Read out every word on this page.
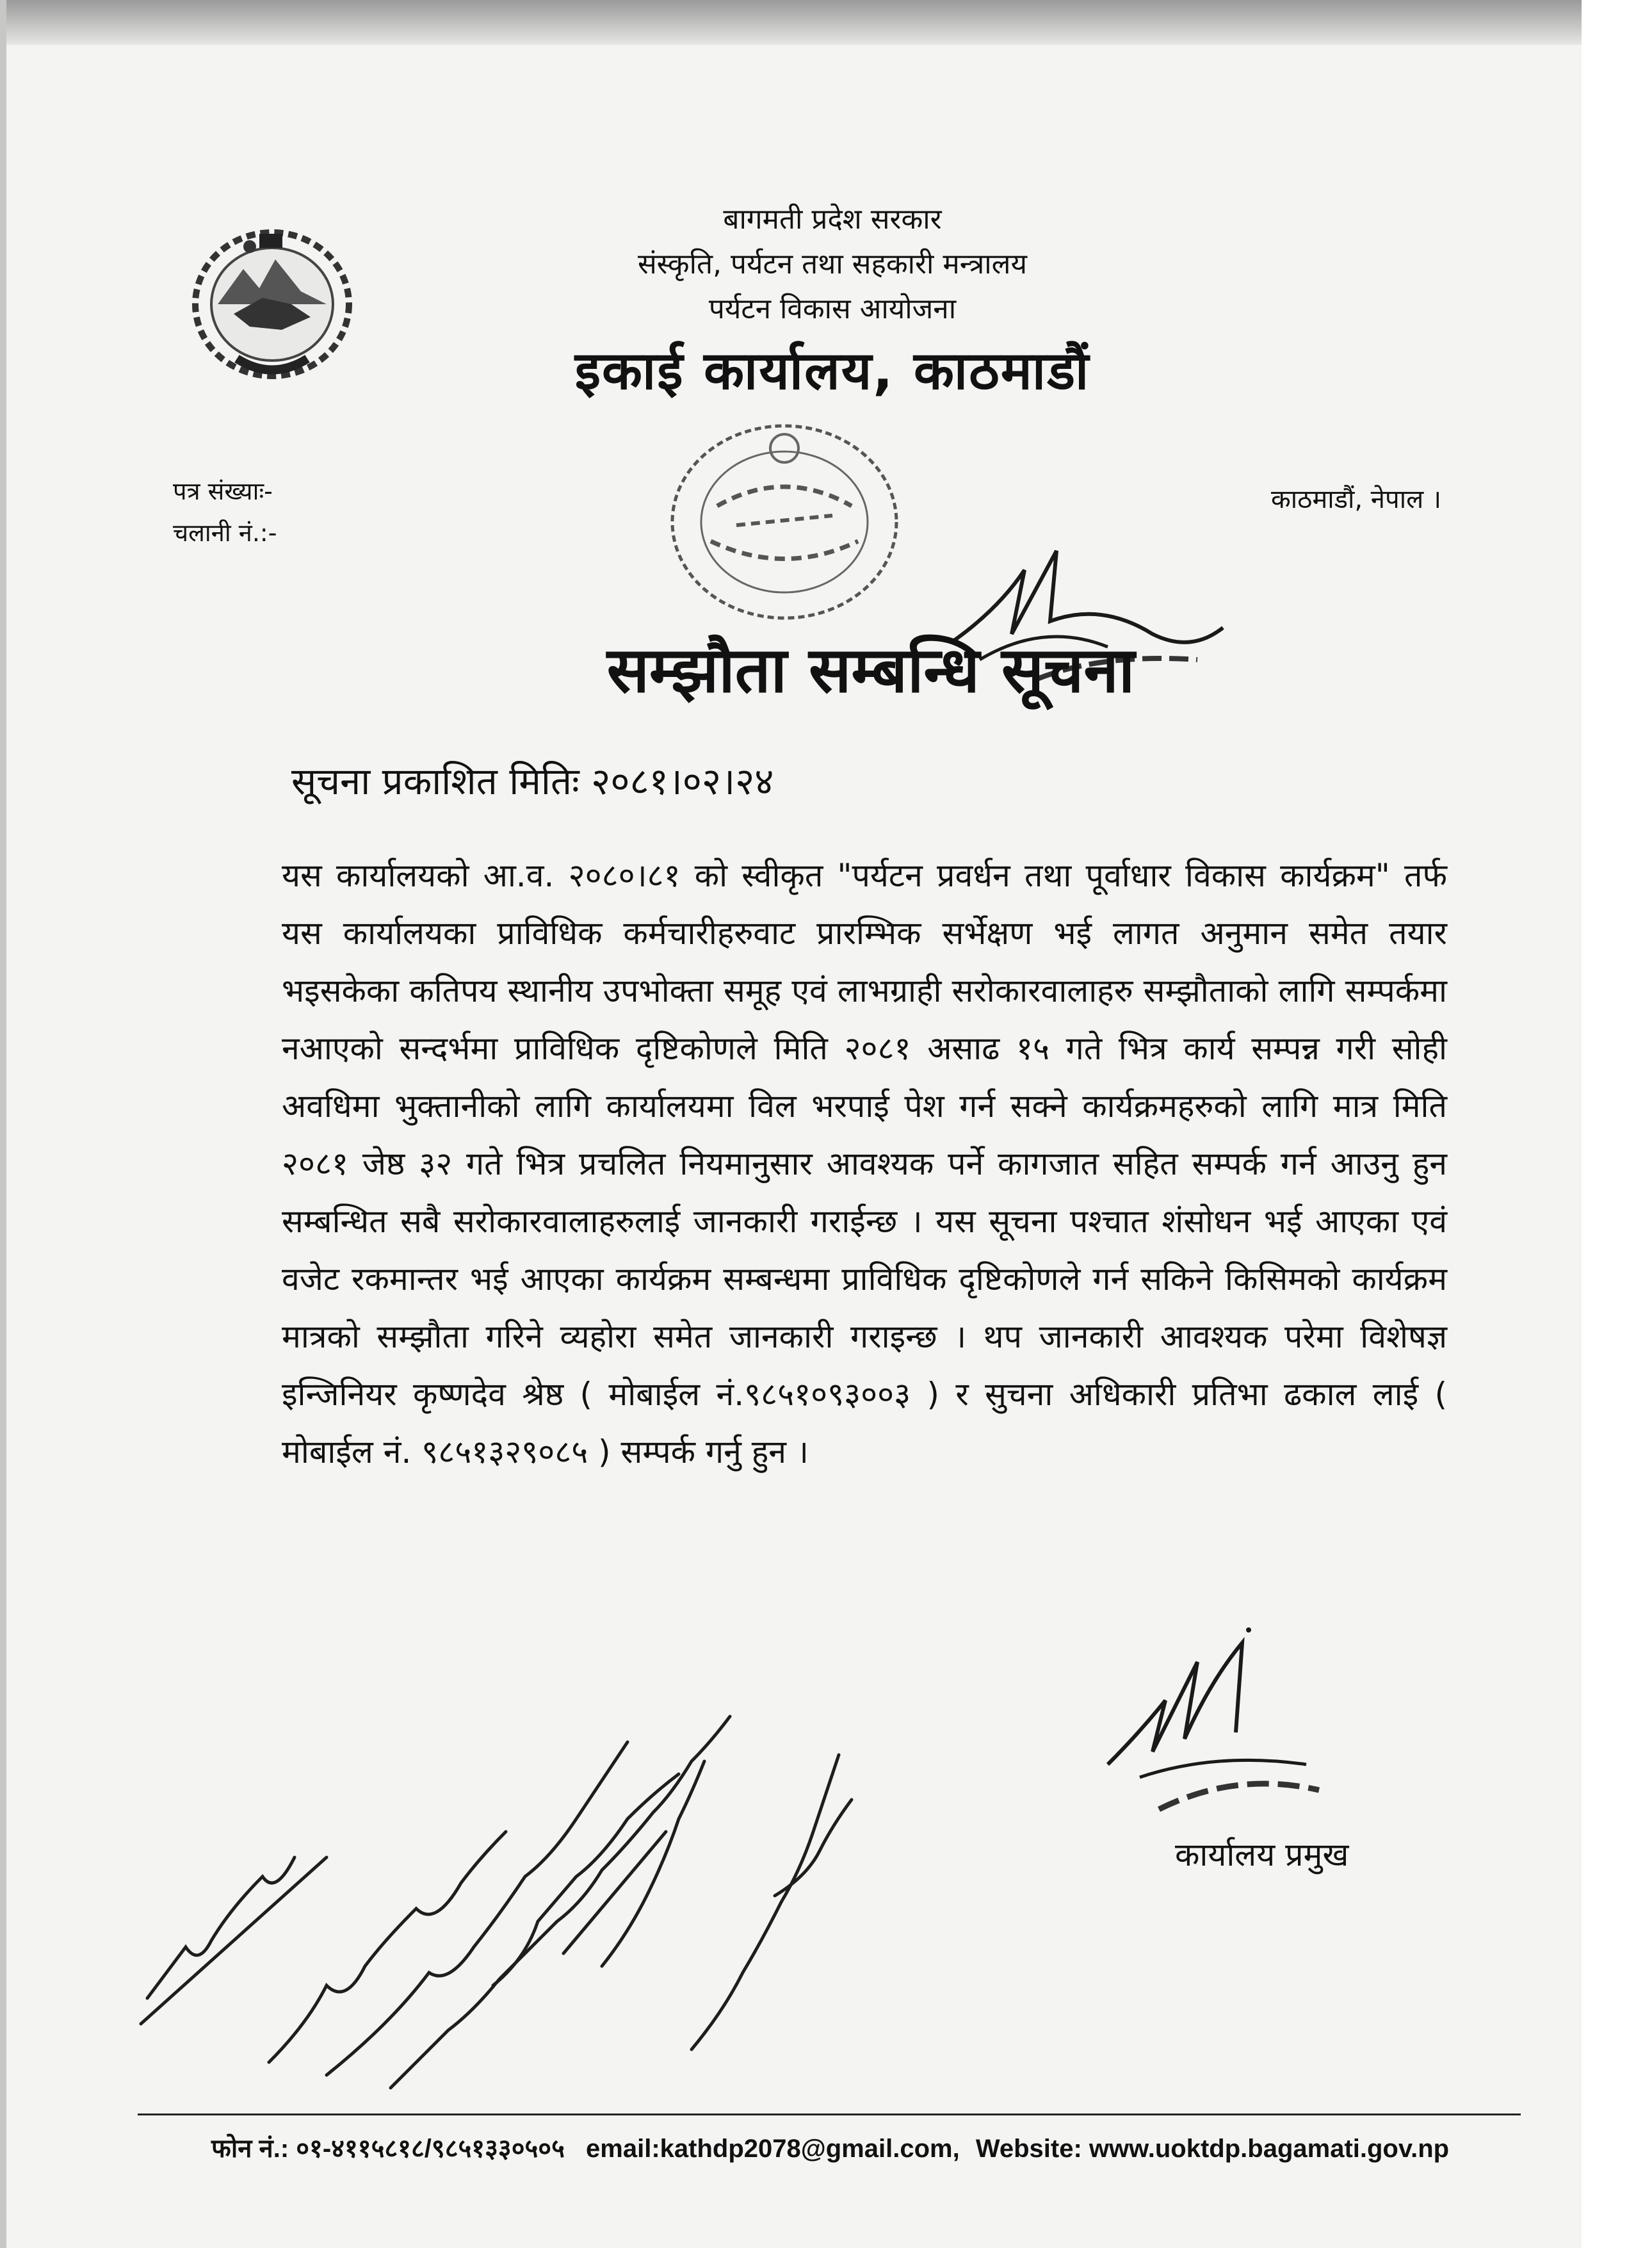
बागमती प्रदेश सरकार
संस्कृति, पर्यटन तथा सहकारी मन्त्रालय
पर्यटन विकास आयोजना
इकाई कार्यालय, काठमाडौं
पत्र संख्याः-
चलानी नं.:-
काठमाडौं, नेपाल ।
सम्झौता सम्बन्धि सूचना
सूचना प्रकाशित मितिः २०८१।०२।२४
यस कार्यालयको आ.व. २०८०।८१ को स्वीकृत "पर्यटन प्रवर्धन तथा पूर्वाधार विकास कार्यक्रम" तर्फ यस कार्यालयका प्राविधिक कर्मचारीहरुवाट प्रारम्भिक सर्भेक्षण भई लागत अनुमान समेत तयार भइसकेका कतिपय स्थानीय उपभोक्ता समूह एवं लाभग्राही सरोकारवालाहरु सम्झौताको लागि सम्पर्कमा नआएको सन्दर्भमा प्राविधिक दृष्टिकोणले मिति २०८१ असाढ १५ गते भित्र कार्य सम्पन्न गरी सोही अवधिमा भुक्तानीको लागि कार्यालयमा विल भरपाई पेश गर्न सक्ने कार्यक्रमहरुको लागि मात्र मिति २०८१ जेष्ठ ३२ गते भित्र प्रचलित नियमानुसार आवश्यक पर्ने कागजात सहित सम्पर्क गर्न आउनु हुन सम्बन्धित सबै सरोकारवालाहरुलाई जानकारी गराईन्छ । यस सूचना पश्चात शंसोधन भई आएका एवं वजेट रकमान्तर भई आएका कार्यक्रम सम्बन्धमा प्राविधिक दृष्टिकोणले गर्न सकिने किसिमको कार्यक्रम मात्रको सम्झौता गरिने व्यहोरा समेत जानकारी गराइन्छ । थप जानकारी आवश्यक परेमा विशेषज्ञ इन्जिनियर कृष्णदेव श्रेष्ठ ( मोबाईल नं.९८५१०९३००३ ) र सुचना अधिकारी प्रतिभा ढकाल लाई ( मोबाईल नं. ९८५१३२९०८५ ) सम्पर्क गर्नु हुन ।
कार्यालय प्रमुख
फोन नं.: ०१-४११५८१८/९८५१३३०५०५ email:kathdp2078@gmail.com, Website: www.uoktdp.bagamati.gov.np
